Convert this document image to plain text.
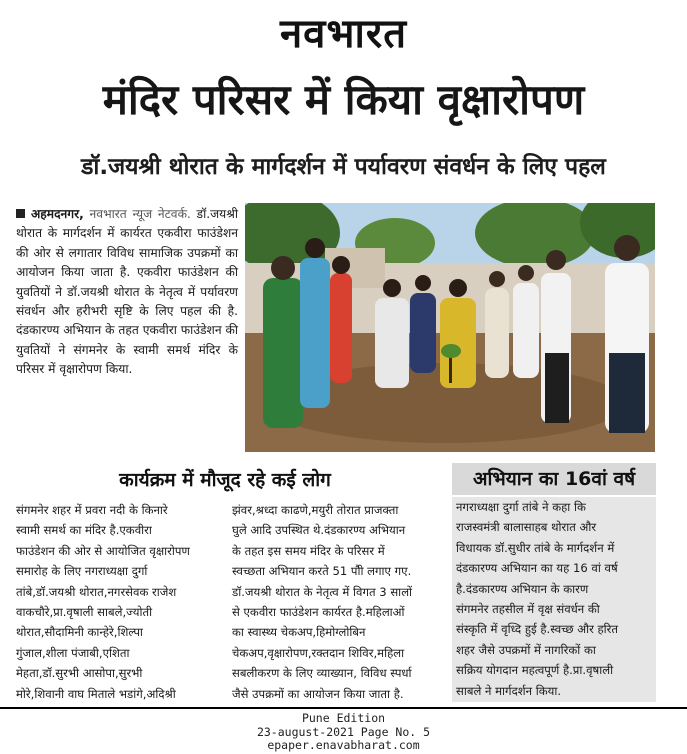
नवभारत
मंदिर परिसर में किया वृक्षारोपण
डॉ.जयश्री थोरात के मार्गदर्शन में पर्यावरण संवर्धन के लिए पहल
अहमदनगर, नवभारत न्यूज नेटवर्क. डॉ.जयश्री थोरात के मार्गदर्शन में कार्यरत एकवीरा फाउंडेशन की ओर से लगातार विविध सामाजिक उपक्रमों का आयोजन किया जाता है. एकवीरा फाउंडेशन की युवतियों ने डॉ.जयश्री थोरात के नेतृत्व में पर्यावरण संवर्धन और हरीभरी सृष्टि के लिए पहल की है. दंडकारण्य अभियान के तहत एकवीरा फाउंडेशन की युवतियों ने संगमनेर के स्वामी समर्थ मंदिर के परिसर में वृक्षारोपण किया.
कार्यक्रम में मौजूद रहे कई लोग	अभियान का 16वां वर्ष
संगमनेर शहर में प्रवरा नदी के किनारे
स्वामी समर्थ का मंदिर है.एकवीरा
फाउंडेशन की ओर से आयोजित वृक्षारोपण
समारोह के लिए नगराध्यक्षा दुर्गा
तांबे,डॉ.जयश्री थोरात,नगरसेवक राजेश
वाकचौरे,प्रा.वृषाली साबले,ज्योती
थोरात,सौदामिनी कान्हेरे,शिल्पा
गुंजाल,शीला पंजाबी,एशिता
मेहता,डॉ.सुरभी आसोपा,सुरभी
मोरे,शिवानी वाघ मिताले भडांगे,अदिश्री
झंवर,श्रध्दा काढणे,मयुरी तोरात प्राजक्ता
घुले आदि उपस्थित थे.दंडकारण्य अभियान
के तहत इस समय मंदिर के परिसर में
स्वच्छता अभियान करते 51 पौी लगाए गए.
डॉ.जयश्री थोरात के नेतृत्व में विगत 3 सालों
से एकवीरा फाउंडेशन कार्यरत है.महिलाओं
का स्वास्थ्य चेकअप,हिमोग्लोबिन
चेकअप,वृक्षारोपण,रक्तदान शिविर,महिला
सबलीकरण के लिए व्याख्यान, विविध स्पर्धा
जैसे उपक्रमों का आयोजन किया जाता है.
नगराध्यक्षा दुर्गा तांबे ने कहा कि
राजस्वमंत्री बालासाहब थोरात और
विधायक डॉ.सुधीर तांबे के मार्गदर्शन में
दंडकारण्य अभियान का यह 16 वां वर्ष
है.दंडकारण्य अभियान के कारण
संगमनेर तहसील में वृक्ष संवर्धन की
संस्कृति में वृध्दि हुई है.स्वच्छ और हरित
शहर जैसे उपक्रमों में नागरिकों का
सक्रिय योगदान महत्वपूर्ण है.प्रा.वृषाली
साबले ने मार्गदर्शन किया.
Pune Edition
23-august-2021 Page No. 5
epaper.enavabharat.com
